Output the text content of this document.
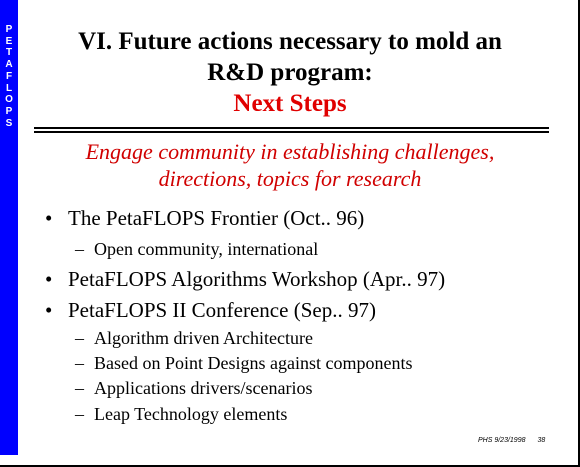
P
E
T
A
F
L
O
P
S
VI. Future actions necessary to mold an
R&D program:
Next Steps
Engage community in establishing challenges,
directions, topics for research
• The PetaFLOPS Frontier (Oct.. 96)
– Open community, international
• PetaFLOPS Algorithms Workshop (Apr.. 97)
• PetaFLOPS II Conference (Sep.. 97)
– Algorithm driven Architecture
– Based on Point Designs against components
– Applications drivers/scenarios
– Leap Technology elements
PHS 9/23/1998 38
